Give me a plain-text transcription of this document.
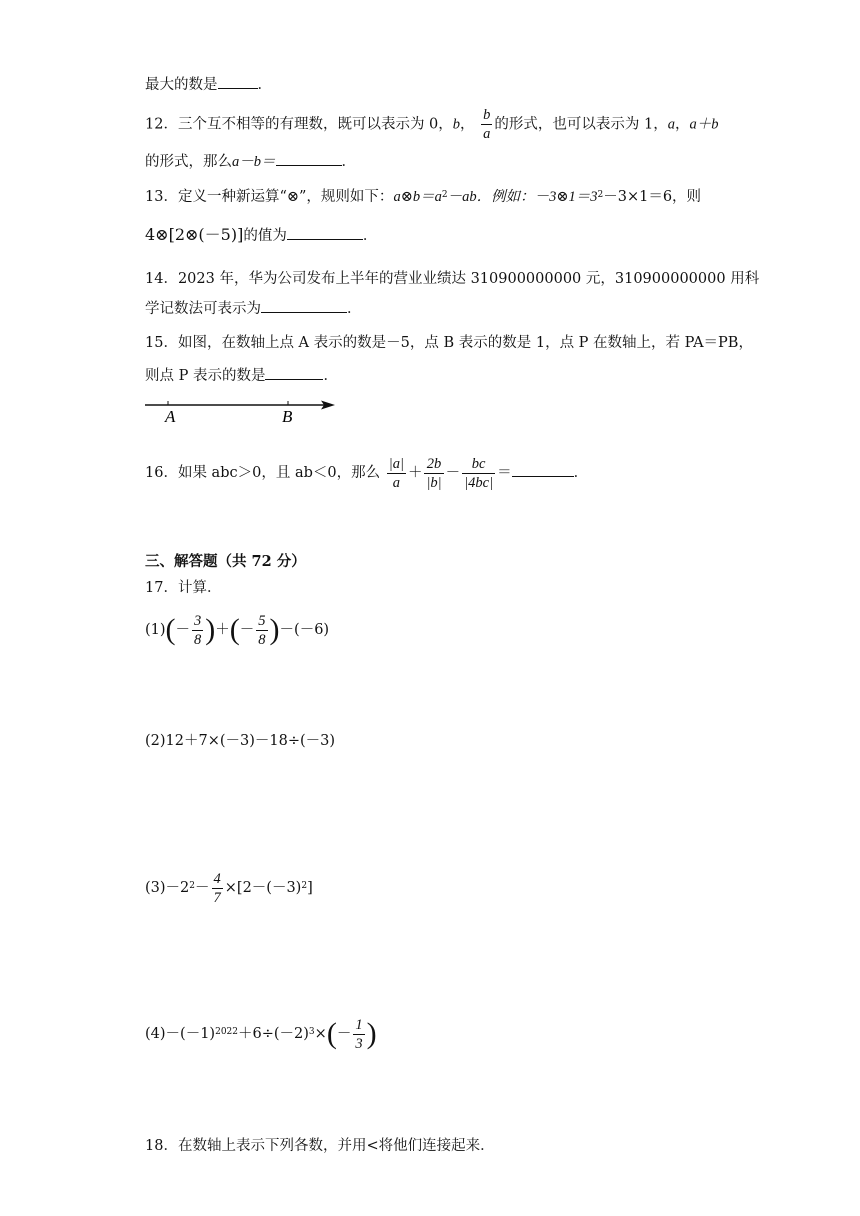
最大的数是	．
12．三个互不相等的有理数，既可以表示为 0，b， $\frac{b}{a}$ 的形式，也可以表示为 1，a，a＋b
的形式，那么a－b＝	．
13．定义一种新运算“⊗”，规则如下：$a\otimes b=a^2-ab$．例如：$-3\otimes 1=3^2-3\times 1=6$，则
4⊗[2⊗(－5)]的值为	．
14．2023 年，华为公司发布上半年的营业业绩达 310900000000 元，310900000000 用科
学记数法可表示为	．
15．如图，在数轴上点 A 表示的数是－5，点 B 表示的数是 1，点 P 在数轴上，若 PA＝PB，
则点 P 表示的数是	．
A	B
16．如果 abc＞0，且 ab＜0，那么 $\frac{|a|}{a} + \frac{2b}{|b|} - \frac{bc}{|4bc|}$ ＝	．
三、解答题（共 72 分）
17．计算．
$(1)(- \frac{3}{8}$ )＋(－ $\frac{5}{8} )-(-6)$
(2)12＋7×(－3)－18÷(－3)
$(3)-2^2- \frac{4}{7} \times[2-(-3)^2]$
$(4)-(-1)^{2022}+6\div(-2)^3\times(- \frac{1}{3}$ )
18．在数轴上表示下列各数，并用<将他们连接起来．
